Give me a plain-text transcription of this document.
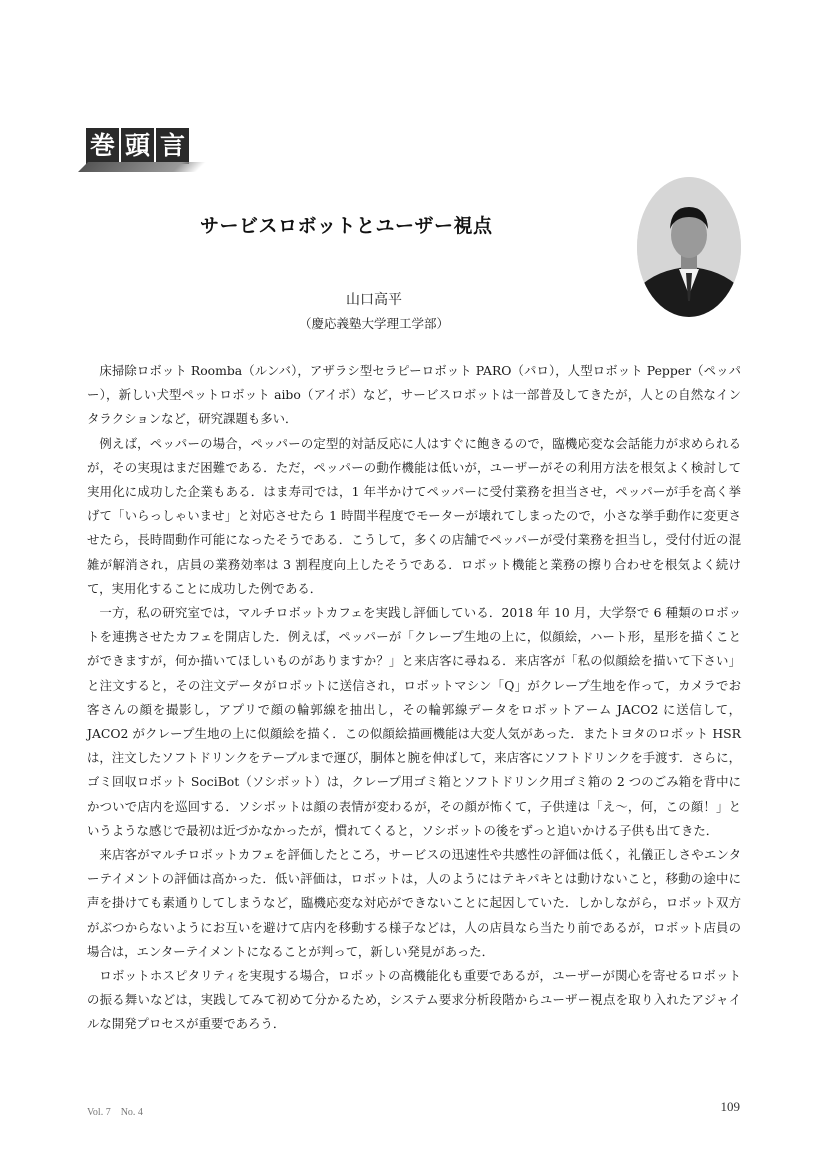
巻 頭 言
サービスロボットとユーザー視点
山口高平
（慶応義塾大学理工学部）

床掃除ロボット Roomba（ルンバ），アザラシ型セラピーロボット PARO（パロ），人型ロボット Pepper（ペッパー），新しい犬型ペットロボット aibo（アイボ）など，サービスロボットは一部普及してきたが，人との自然なインタラクションなど，研究課題も多い．

例えば，ペッパーの場合，ペッパーの定型的対話反応に人はすぐに飽きるので，臨機応変な会話能力が求められるが，その実現はまだ困難である．ただ，ペッパーの動作機能は低いが，ユーザーがその利用方法を根気よく検討して実用化に成功した企業もある．はま寿司では，1 年半かけてペッパーに受付業務を担当させ，ペッパーが手を高く挙げて「いらっしゃいませ」と対応させたら 1 時間半程度でモーターが壊れてしまったので，小さな挙手動作に変更させたら，長時間動作可能になったそうである．こうして，多くの店舗でペッパーが受付業務を担当し，受付付近の混雑が解消され，店員の業務効率は 3 割程度向上したそうである．ロボット機能と業務の擦り合わせを根気よく続けて，実用化することに成功した例である．

一方，私の研究室では，マルチロボットカフェを実践し評価している．2018 年 10 月，大学祭で 6 種類のロボットを連携させたカフェを開店した．例えば，ペッパーが「クレープ生地の上に，似顔絵，ハート形，星形を描くことができますが，何か描いてほしいものがありますか？」と来店客に尋ねる．来店客が「私の似顔絵を描いて下さい」と注文すると，その注文データがロボットに送信され，ロボットマシン「Q」がクレープ生地を作って，カメラでお客さんの顔を撮影し，アプリで顔の輪郭線を抽出し，その輪郭線データをロボットアーム JACO2 に送信して，JACO2 がクレープ生地の上に似顔絵を描く．この似顔絵描画機能は大変人気があった．またトヨタのロボット HSR は，注文したソフトドリンクをテーブルまで運び，胴体と腕を伸ばして，来店客にソフトドリンクを手渡す．さらに，ゴミ回収ロボット SociBot（ソシボット）は，クレープ用ゴミ箱とソフトドリンク用ゴミ箱の 2 つのごみ箱を背中にかついで店内を巡回する．ソシボットは顔の表情が変わるが，その顔が怖くて，子供達は「え〜，何，この顔！」というような感じで最初は近づかなかったが，慣れてくると，ソシボットの後をずっと追いかける子供も出てきた．

来店客がマルチロボットカフェを評価したところ，サービスの迅速性や共感性の評価は低く，礼儀正しさやエンターテイメントの評価は高かった．低い評価は，ロボットは，人のようにはテキパキとは動けないこと，移動の途中に声を掛けても素通りしてしまうなど，臨機応変な対応ができないことに起因していた．しかしながら，ロボット双方がぶつからないようにお互いを避けて店内を移動する様子などは，人の店員なら当たり前であるが，ロボット店員の場合は，エンターテイメントになることが判って，新しい発見があった．

ロボットホスピタリティを実現する場合，ロボットの高機能化も重要であるが，ユーザーが関心を寄せるロボットの振る舞いなどは，実践してみて初めて分かるため，システム要求分析段階からユーザー視点を取り入れたアジャイルな開発プロセスが重要であろう．

Vol. 7　No. 4	109
